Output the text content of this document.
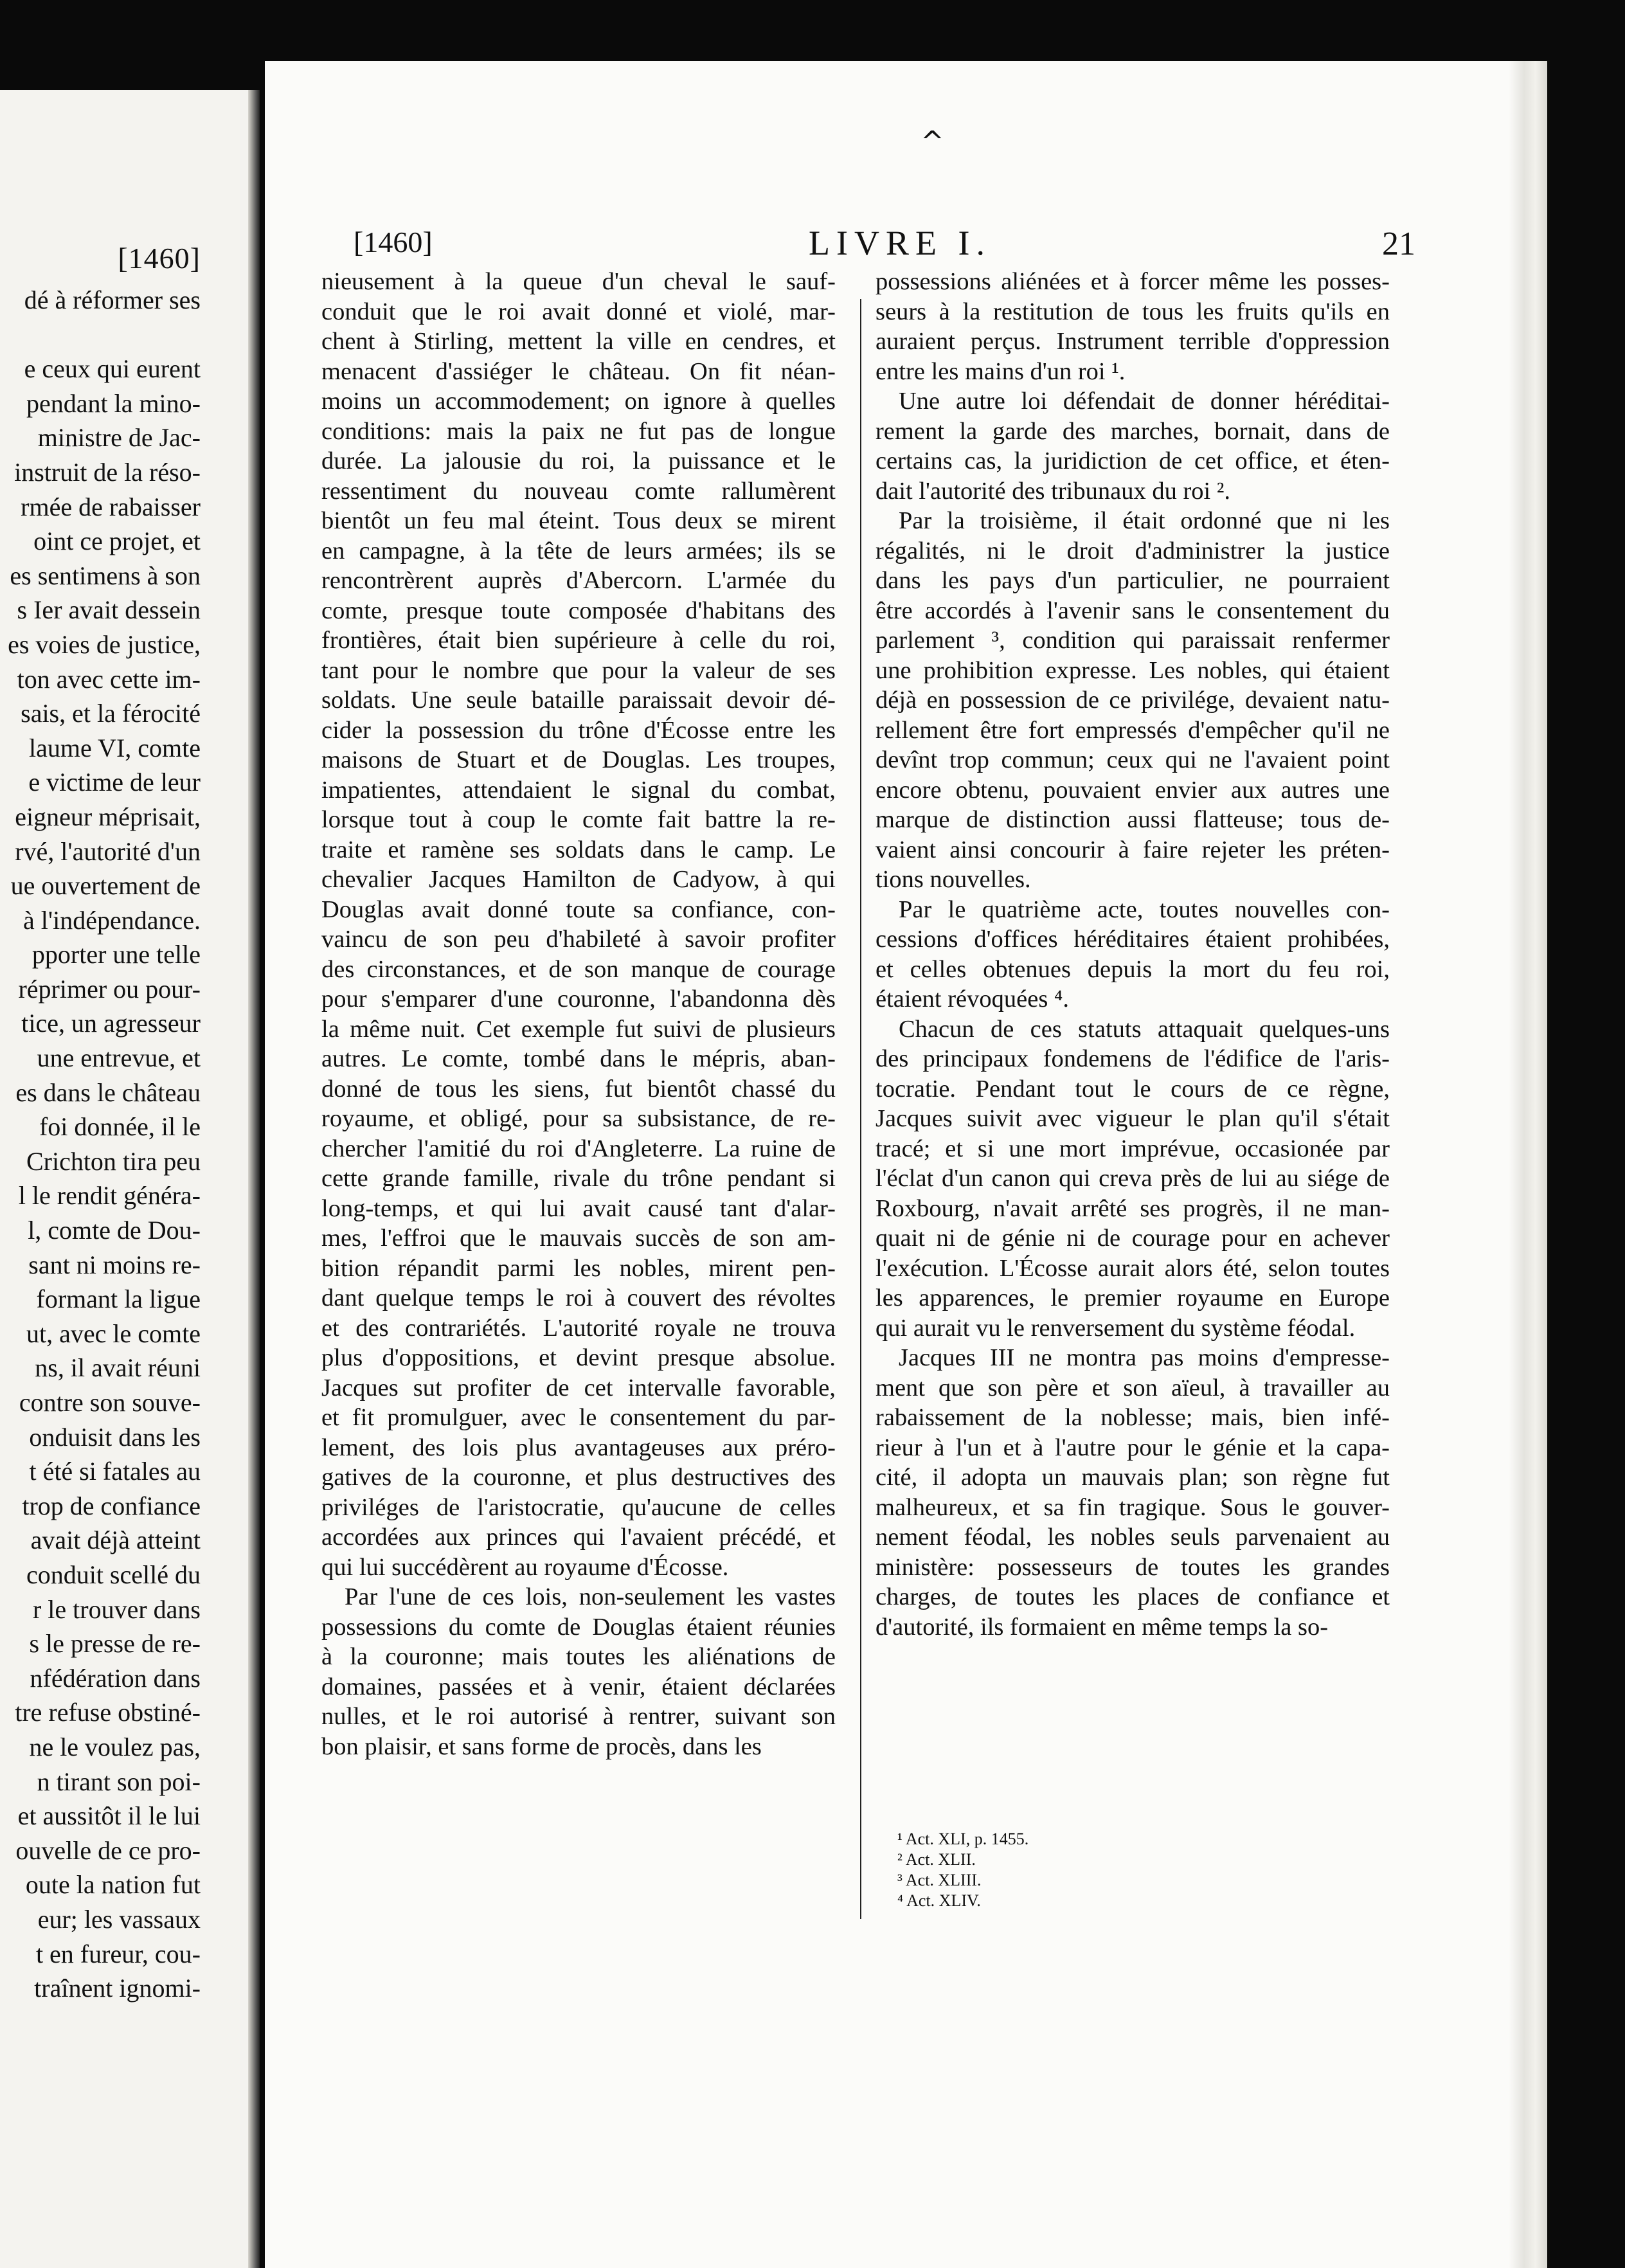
[1460]
dé à réformer ses

e ceux qui eurent
pendant la mino-
ministre de Jac-
instruit de la réso-
rmée de rabaisser
oint ce projet, et
es sentimens à son
s Ier avait dessein
es voies de justice,
ton avec cette im-
sais, et la férocité
laume VI, comte
e victime de leur
eigneur méprisait,
rvé, l'autorité d'un
ue ouvertement de
à l'indépendance.
pporter une telle
réprimer ou pour-
tice, un agresseur
une entrevue, et
es dans le château
foi donnée, il le
Crichton tira peu
l le rendit généra-
l, comte de Dou-
sant ni moins re-
formant la ligue
ut, avec le comte
ns, il avait réuni
contre son souve-
onduisit dans les
t été si fatales au
trop de confiance
avait déjà atteint
conduit scellé du
r le trouver dans
s le presse de re-
nfédération dans
tre refuse obstiné-
ne le voulez pas,
n tirant son poi-
et aussitôt il le lui
ouvelle de ce pro-
oute la nation fut
eur; les vassaux
t en fureur, cou-
traînent ignomi-
^
[1460]	LIVRE I.	21
nieusement à la queue d'un cheval le sauf-
conduit que le roi avait donné et violé, mar-
chent à Stirling, mettent la ville en cendres, et
menacent d'assiéger le château. On fit néan-
moins un accommodement; on ignore à quelles
conditions: mais la paix ne fut pas de longue
durée. La jalousie du roi, la puissance et le
ressentiment du nouveau comte rallumèrent
bientôt un feu mal éteint. Tous deux se mirent
en campagne, à la tête de leurs armées; ils se
rencontrèrent auprès d'Abercorn. L'armée du
comte, presque toute composée d'habitans des
frontières, était bien supérieure à celle du roi,
tant pour le nombre que pour la valeur de ses
soldats. Une seule bataille paraissait devoir dé-
cider la possession du trône d'Écosse entre les
maisons de Stuart et de Douglas. Les troupes,
impatientes, attendaient le signal du combat,
lorsque tout à coup le comte fait battre la re-
traite et ramène ses soldats dans le camp. Le
chevalier Jacques Hamilton de Cadyow, à qui
Douglas avait donné toute sa confiance, con-
vaincu de son peu d'habileté à savoir profiter
des circonstances, et de son manque de courage
pour s'emparer d'une couronne, l'abandonna dès
la même nuit. Cet exemple fut suivi de plusieurs
autres. Le comte, tombé dans le mépris, aban-
donné de tous les siens, fut bientôt chassé du
royaume, et obligé, pour sa subsistance, de re-
chercher l'amitié du roi d'Angleterre. La ruine de
cette grande famille, rivale du trône pendant si
long-temps, et qui lui avait causé tant d'alar-
mes, l'effroi que le mauvais succès de son am-
bition répandit parmi les nobles, mirent pen-
dant quelque temps le roi à couvert des révoltes
et des contrariétés. L'autorité royale ne trouva
plus d'oppositions, et devint presque absolue.
Jacques sut profiter de cet intervalle favorable,
et fit promulguer, avec le consentement du par-
lement, des lois plus avantageuses aux préro-
gatives de la couronne, et plus destructives des
priviléges de l'aristocratie, qu'aucune de celles
accordées aux princes qui l'avaient précédé, et
qui lui succédèrent au royaume d'Écosse.
Par l'une de ces lois, non-seulement les vastes
possessions du comte de Douglas étaient réunies
à la couronne; mais toutes les aliénations de
domaines, passées et à venir, étaient déclarées
nulles, et le roi autorisé à rentrer, suivant son
bon plaisir, et sans forme de procès, dans les
possessions aliénées et à forcer même les posses-
seurs à la restitution de tous les fruits qu'ils en
auraient perçus. Instrument terrible d'oppression
entre les mains d'un roi ¹.
Une autre loi défendait de donner héréditai-
rement la garde des marches, bornait, dans de
certains cas, la juridiction de cet office, et éten-
dait l'autorité des tribunaux du roi ².
Par la troisième, il était ordonné que ni les
régalités, ni le droit d'administrer la justice
dans les pays d'un particulier, ne pourraient
être accordés à l'avenir sans le consentement du
parlement ³, condition qui paraissait renfermer
une prohibition expresse. Les nobles, qui étaient
déjà en possession de ce privilége, devaient natu-
rellement être fort empressés d'empêcher qu'il ne
devînt trop commun; ceux qui ne l'avaient point
encore obtenu, pouvaient envier aux autres une
marque de distinction aussi flatteuse; tous de-
vaient ainsi concourir à faire rejeter les préten-
tions nouvelles.
Par le quatrième acte, toutes nouvelles con-
cessions d'offices héréditaires étaient prohibées,
et celles obtenues depuis la mort du feu roi,
étaient révoquées ⁴.
Chacun de ces statuts attaquait quelques-uns
des principaux fondemens de l'édifice de l'aris-
tocratie. Pendant tout le cours de ce règne,
Jacques suivit avec vigueur le plan qu'il s'était
tracé; et si une mort imprévue, occasionée par
l'éclat d'un canon qui creva près de lui au siége de
Roxbourg, n'avait arrêté ses progrès, il ne man-
quait ni de génie ni de courage pour en achever
l'exécution. L'Écosse aurait alors été, selon toutes
les apparences, le premier royaume en Europe
qui aurait vu le renversement du système féodal.
Jacques III ne montra pas moins d'empresse-
ment que son père et son aïeul, à travailler au
rabaissement de la noblesse; mais, bien infé-
rieur à l'un et à l'autre pour le génie et la capa-
cité, il adopta un mauvais plan; son règne fut
malheureux, et sa fin tragique. Sous le gouver-
nement féodal, les nobles seuls parvenaient au
ministère: possesseurs de toutes les grandes
charges, de toutes les places de confiance et
d'autorité, ils formaient en même temps la so-
¹ Act. XLI, p. 1455.
² Act. XLII.
³ Act. XLIII.
⁴ Act. XLIV.
